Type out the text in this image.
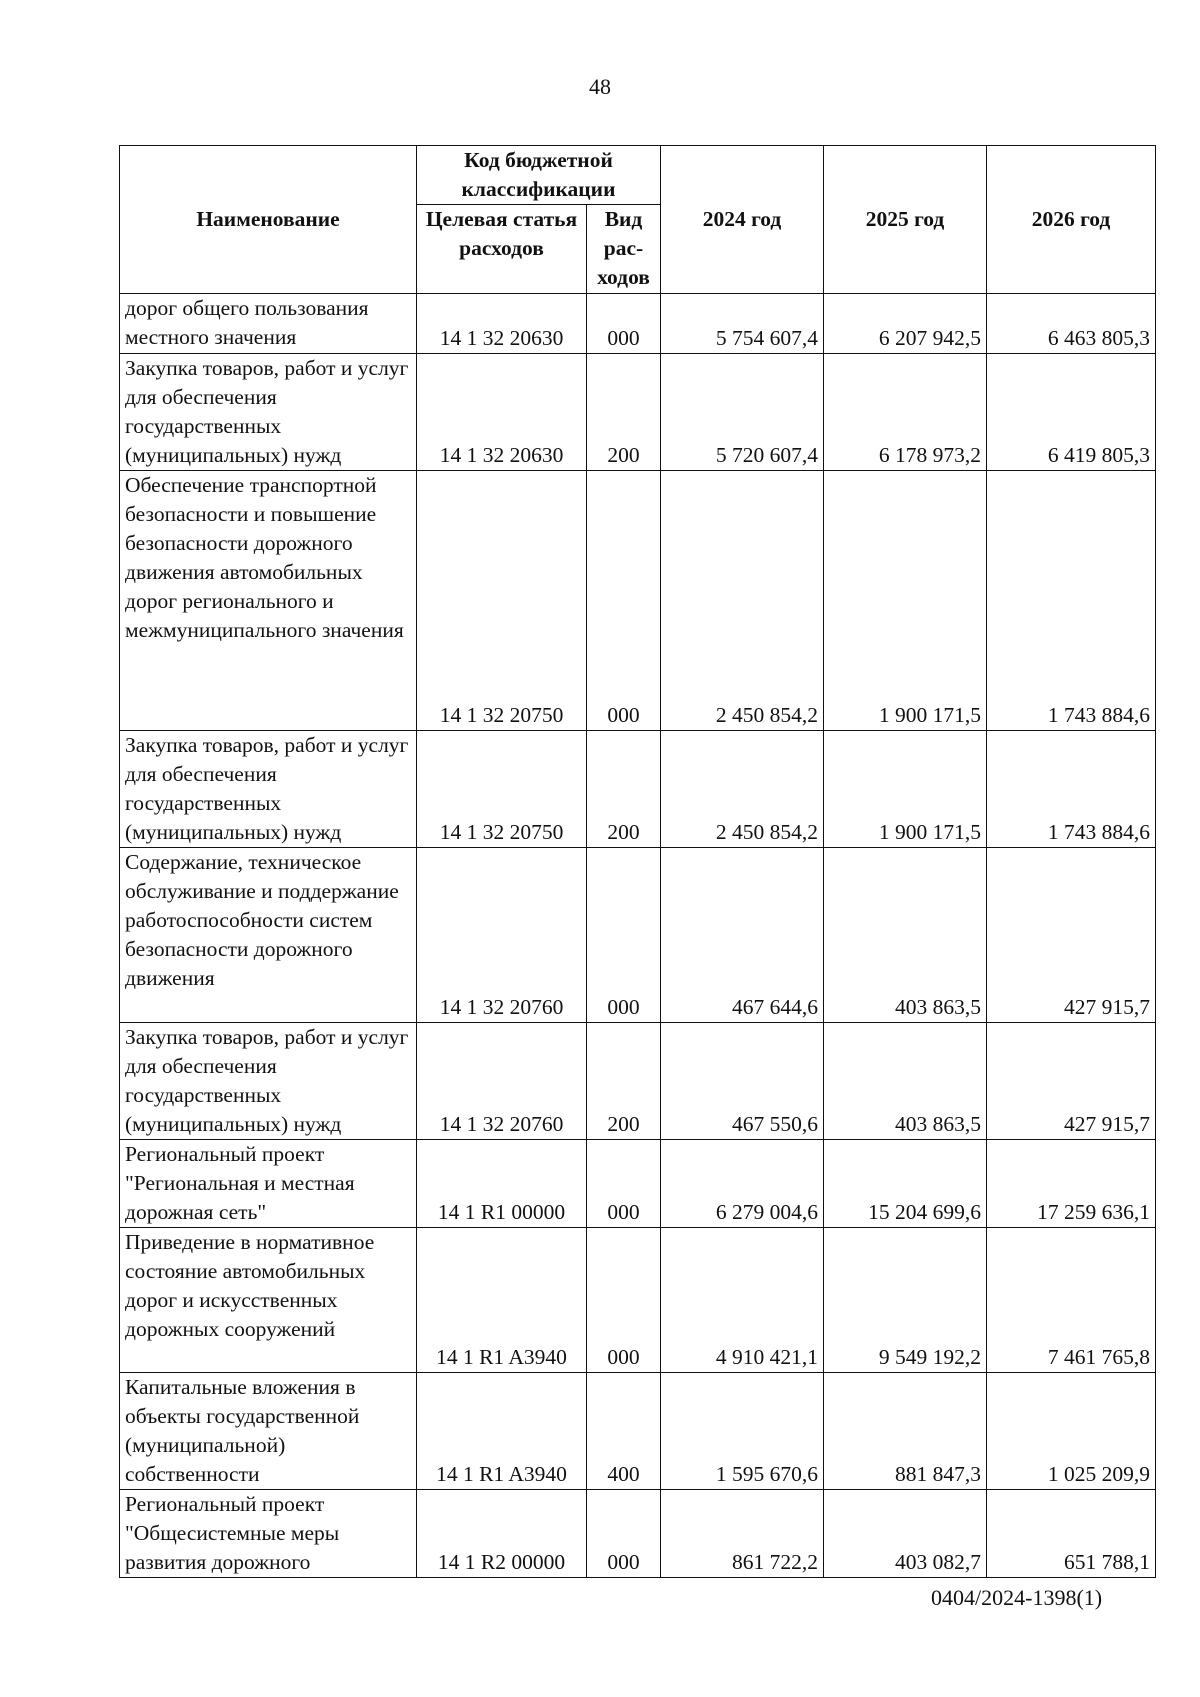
48
Наименование	Код бюджетной классификации		2024 год	2025 год	2026 год
	Целевая статья расходов	Вид рас- ходов			
дорог общего пользования местного значения	14 1 32 20630	000	5 754 607,4	6 207 942,5	6 463 805,3
Закупка товаров, работ и услуг для обеспечения государственных (муниципальных) нужд	14 1 32 20630	200	5 720 607,4	6 178 973,2	6 419 805,3
Обеспечение транспортной безопасности и повышение безопасности дорожного движения автомобильных дорог регионального и межмуниципального значения	14 1 32 20750	000	2 450 854,2	1 900 171,5	1 743 884,6
Закупка товаров, работ и услуг для обеспечения государственных (муниципальных) нужд	14 1 32 20750	200	2 450 854,2	1 900 171,5	1 743 884,6
Содержание, техническое обслуживание и поддержание работоспособности систем безопасности дорожного движения	14 1 32 20760	000	467 644,6	403 863,5	427 915,7
Закупка товаров, работ и услуг для обеспечения государственных (муниципальных) нужд	14 1 32 20760	200	467 550,6	403 863,5	427 915,7
Региональный проект "Региональная и местная дорожная сеть"	14 1 R1 00000	000	6 279 004,6	15 204 699,6	17 259 636,1
Приведение в нормативное состояние автомобильных дорог и искусственных дорожных сооружений	14 1 R1 A3940	000	4 910 421,1	9 549 192,2	7 461 765,8
Капитальные вложения в объекты государственной (муниципальной) собственности	14 1 R1 A3940	400	1 595 670,6	881 847,3	1 025 209,9
Региональный проект "Общесистемные меры развития дорожного	14 1 R2 00000	000	861 722,2	403 082,7	651 788,1
0404/2024-1398(1)
